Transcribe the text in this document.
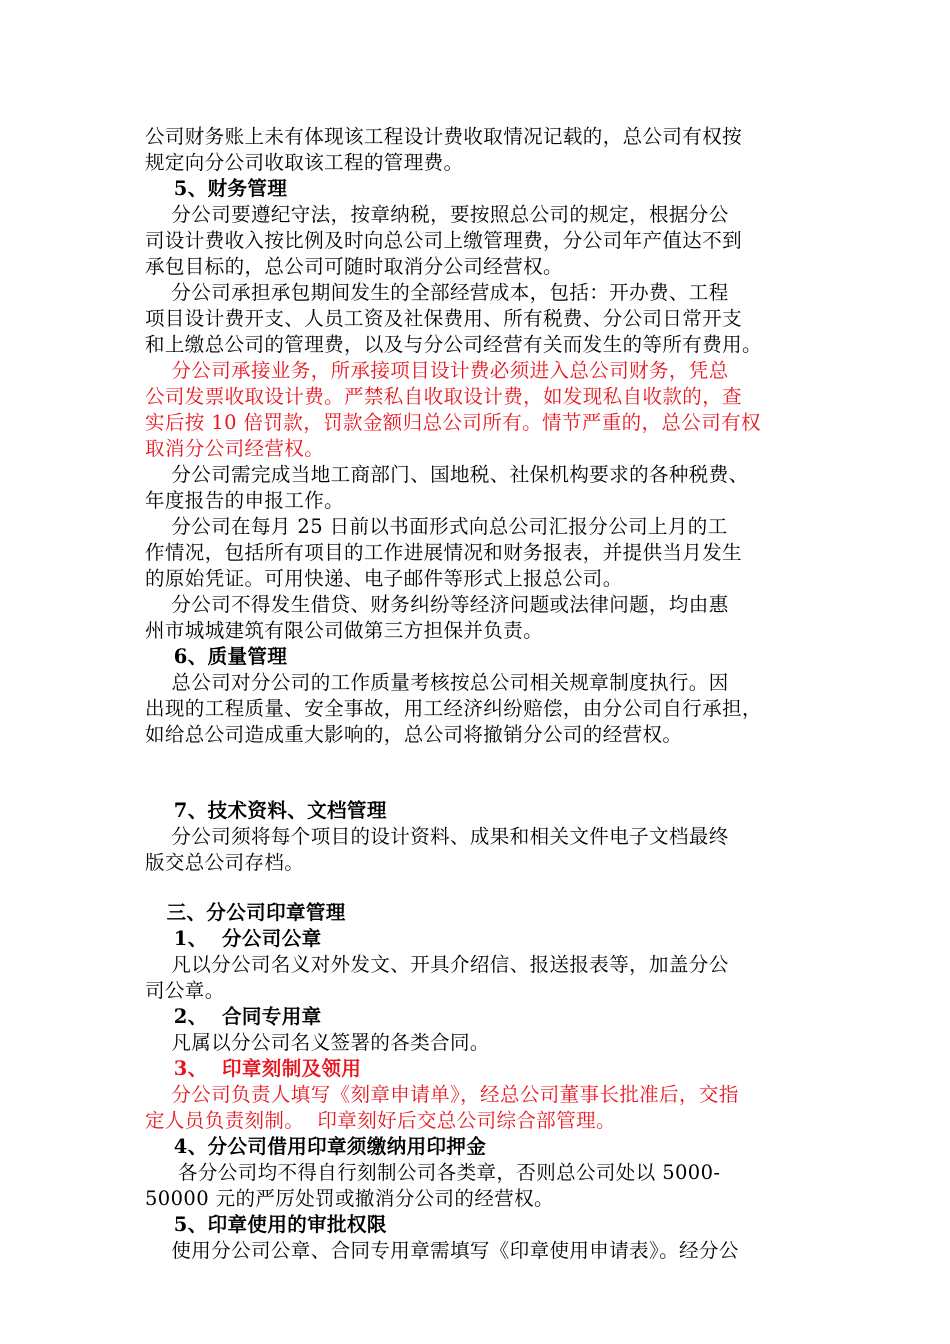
公司财务账上未有体现该工程设计费收取情况记载的，总公司有权按
规定向分公司收取该工程的管理费。
5、财务管理
分公司要遵纪守法，按章纳税，要按照总公司的规定，根据分公
司设计费收入按比例及时向总公司上缴管理费，分公司年产值达不到
承包目标的，总公司可随时取消分公司经营权。
分公司承担承包期间发生的全部经营成本，包括：开办费、工程
项目设计费开支、人员工资及社保费用、所有税费、分公司日常开支
和上缴总公司的管理费，以及与分公司经营有关而发生的等所有费用。
分公司承接业务，所承接项目设计费必须进入总公司财务，凭总
公司发票收取设计费。严禁私自收取设计费，如发现私自收款的，查
实后按 10 倍罚款，罚款金额归总公司所有。情节严重的，总公司有权
取消分公司经营权。
分公司需完成当地工商部门、国地税、社保机构要求的各种税费、
年度报告的申报工作。
分公司在每月 25 日前以书面形式向总公司汇报分公司上月的工
作情况，包括所有项目的工作进展情况和财务报表，并提供当月发生
的原始凭证。可用快递、电子邮件等形式上报总公司。
分公司不得发生借贷、财务纠纷等经济问题或法律问题，均由惠
州市城城建筑有限公司做第三方担保并负责。
6、质量管理
总公司对分公司的工作质量考核按总公司相关规章制度执行。因
出现的工程质量、安全事故，用工经济纠纷赔偿，由分公司自行承担，
如给总公司造成重大影响的，总公司将撤销分公司的经营权。
7、技术资料、文档管理
分公司须将每个项目的设计资料、成果和相关文件电子文档最终
版交总公司存档。
三、分公司印章管理
1、  分公司公章
凡以分公司名义对外发文、开具介绍信、报送报表等，加盖分公
司公章。
2、  合同专用章
凡属以分公司名义签署的各类合同。
3、  印章刻制及领用
分公司负责人填写《刻章申请单》，经总公司董事长批准后，交指
定人员负责刻制。  印章刻好后交总公司综合部管理。
4、分公司借用印章须缴纳用印押金
各分公司均不得自行刻制公司各类章，否则总公司处以 5000-
50000 元的严厉处罚或撤消分公司的经营权。
5、印章使用的审批权限
使用分公司公章、合同专用章需填写《印章使用申请表》。经分公
